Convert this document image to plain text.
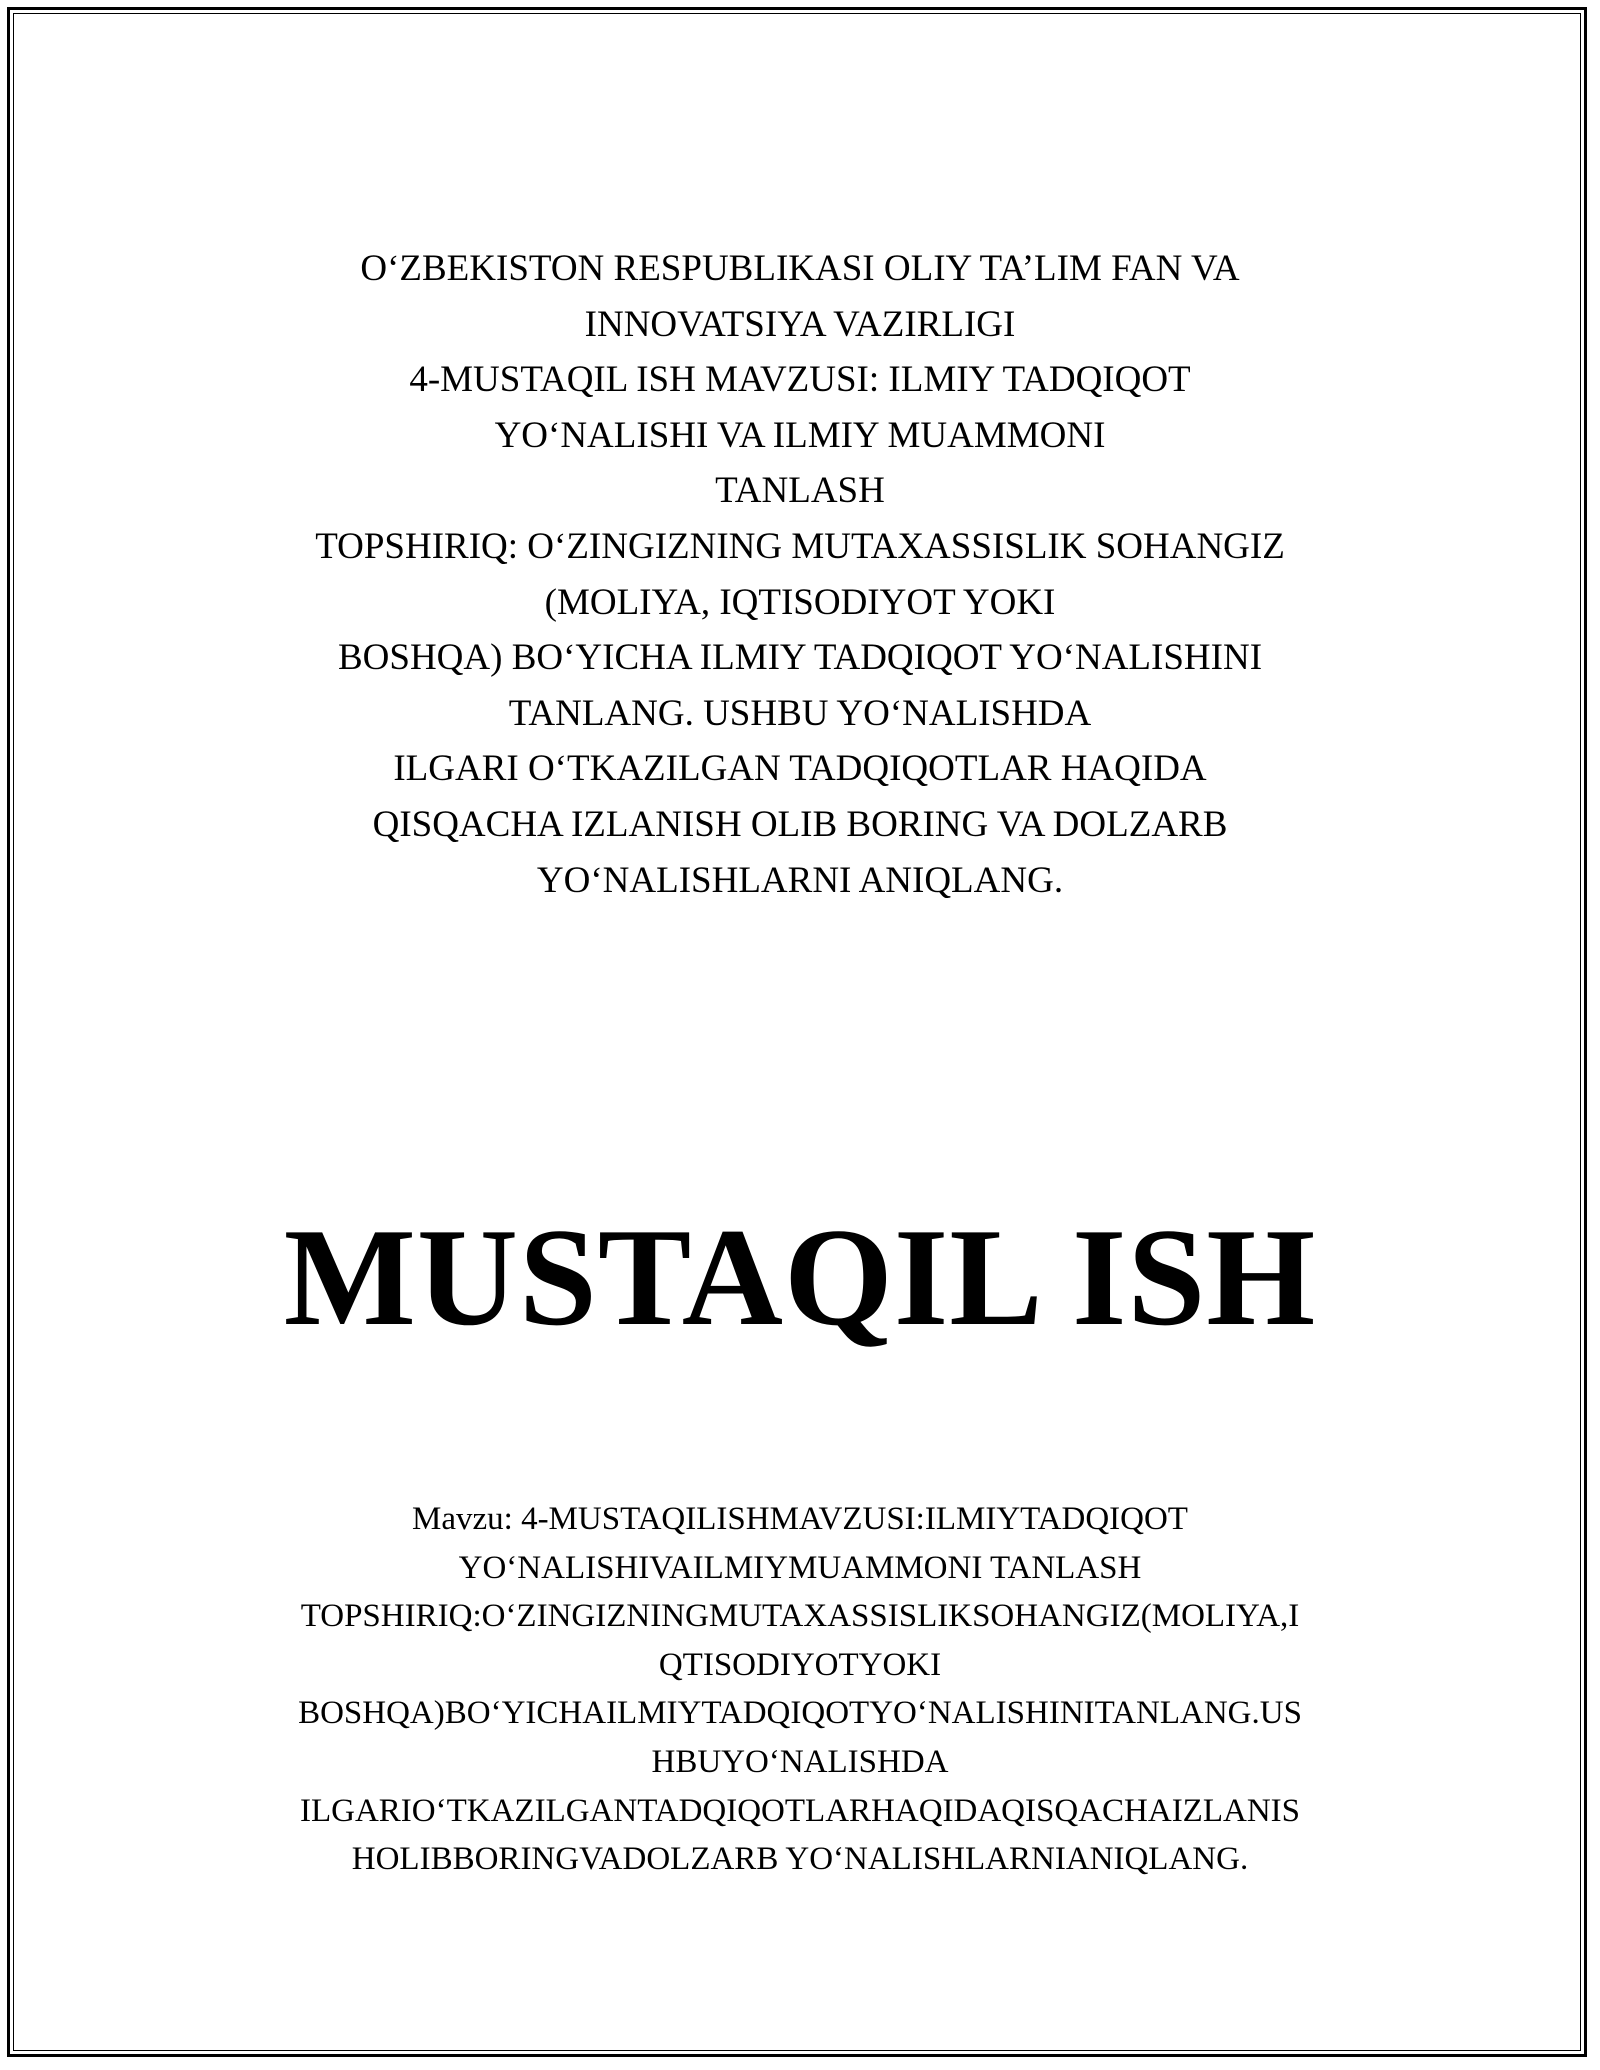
O‘ZBEKISTON RESPUBLIKASI OLIY TA’LIM FAN VA
INNOVATSIYA VAZIRLIGI
4-MUSTAQIL ISH MAVZUSI: ILMIY TADQIQOT
YO‘NALISHI VA ILMIY MUAMMONI
TANLASH
TOPSHIRIQ: O‘ZINGIZNING MUTAXASSISLIK SOHANGIZ
(MOLIYA, IQTISODIYOT YOKI
BOSHQA) BO‘YICHA ILMIY TADQIQOT YO‘NALISHINI
TANLANG. USHBU YO‘NALISHDA
ILGARI O‘TKAZILGAN TADQIQOTLAR HAQIDA
QISQACHA IZLANISH OLIB BORING VA DOLZARB
YO‘NALISHLARNI ANIQLANG.
MUSTAQIL ISH
Mavzu: 4-MUSTAQILISHMAVZUSI:ILMIYTADQIQOT
YO‘NALISHIVAILMIYMUAMMONI TANLASH
TOPSHIRIQ:O‘ZINGIZNINGMUTAXASSISLIKSOHANGIZ(MOLIYA,I
QTISODIYOTYOKI
BOSHQA)BO‘YICHAILMIYTADQIQOTYO‘NALISHINITANLANG.US
HBUYO‘NALISHDA
ILGARIO‘TKAZILGANTADQIQOTLARHAQIDAQISQACHAIZLANIS
HOLIBBORINGVADOLZARB YO‘NALISHLARNIANIQLANG.
